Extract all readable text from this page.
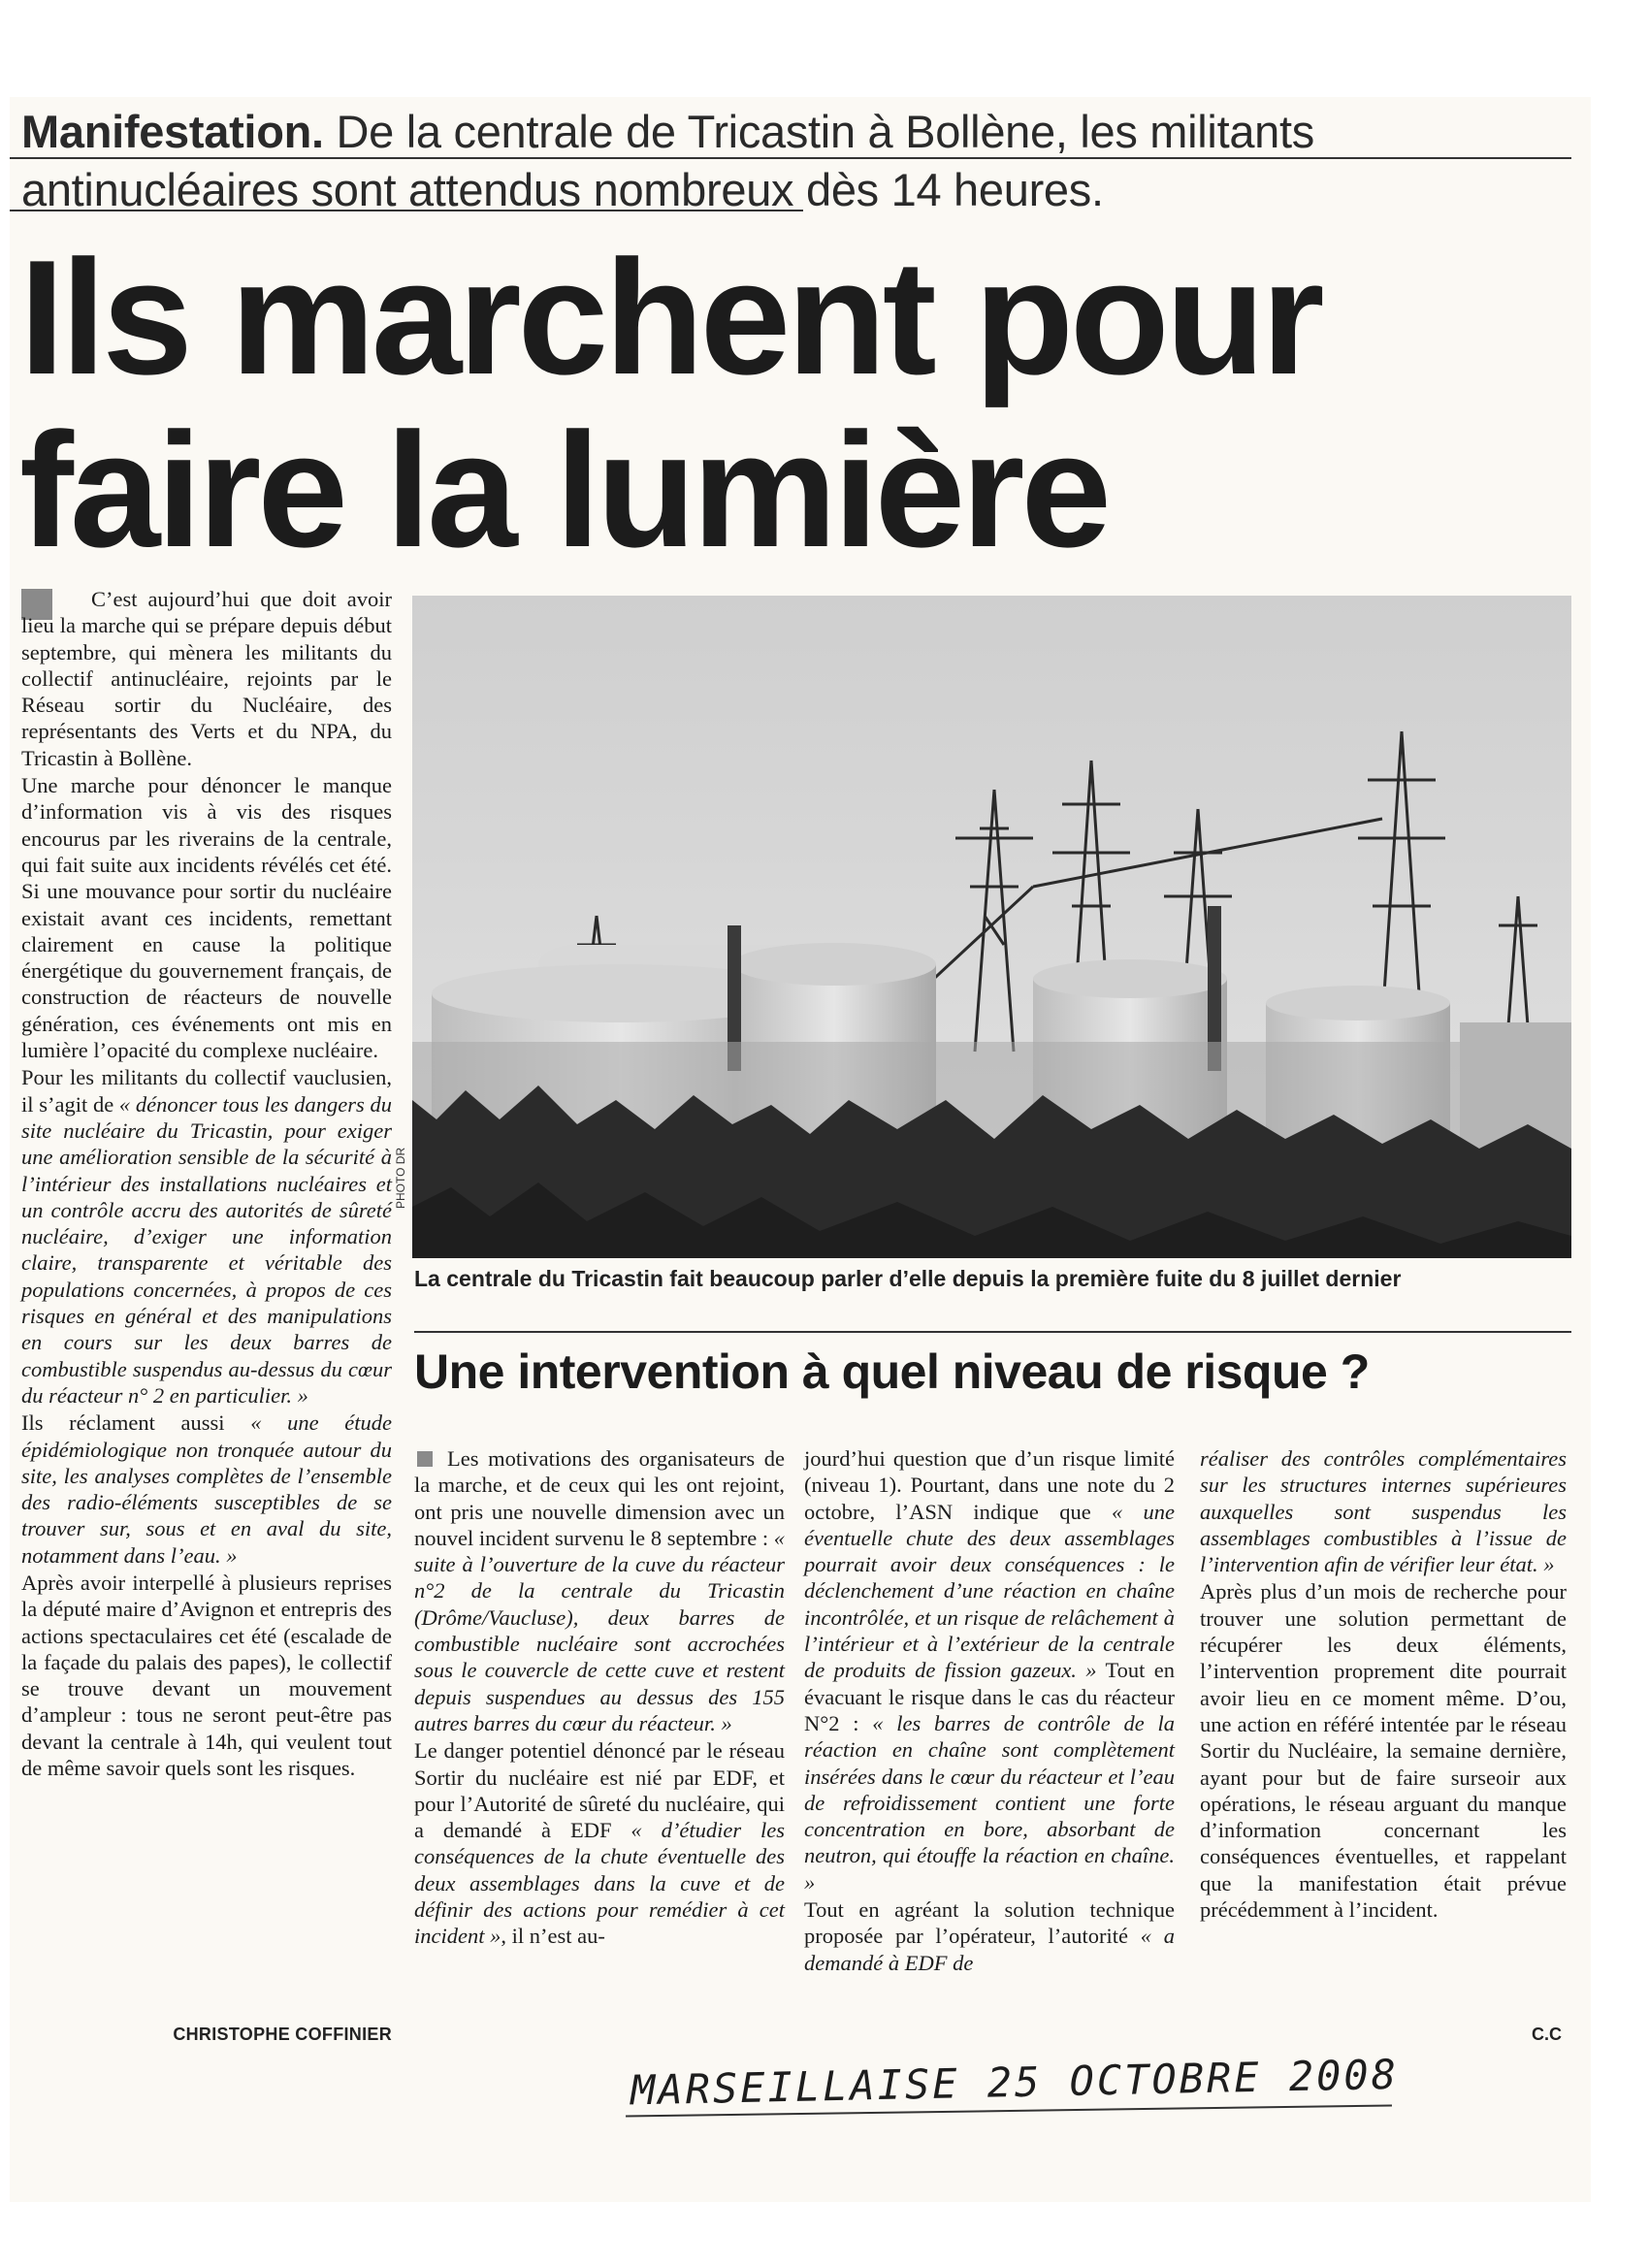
Manifestation. De la centrale de Tricastin à Bollène, les militants antinucléaires sont attendus nombreux dès 14 heures.
Ils marchent pour
faire la lumière

C’est aujourd’hui que doit avoir lieu la marche qui se prépare depuis début septembre, qui mènera les militants du collectif antinucléaire, rejoints par le Réseau sortir du Nucléaire, des représentants des Verts et du NPA, du Tricastin à Bollène.

Une marche pour dénoncer le manque d’information vis à vis des risques encourus par les riverains de la centrale, qui fait suite aux incidents révélés cet été. Si une mouvance pour sortir du nucléaire existait avant ces incidents, remettant clairement en cause la politique énergétique du gouvernement français, de construction de réacteurs de nouvelle génération, ces événements ont mis en lumière l’opacité du complexe nucléaire.

Pour les militants du collectif vauclusien, il s’agit de « dénoncer tous les dangers du site nucléaire du Tricastin, pour exiger une amélioration sensible de la sécurité à l’intérieur des installations nucléaires et un contrôle accru des autorités de sûreté nucléaire, d’exiger une information claire, transparente et véritable des populations concernées, à propos de ces risques en général et des manipulations en cours sur les deux barres de combustible suspendus au-dessus du cœur du réacteur n° 2 en particulier. »

Ils réclament aussi « une étude épidémiologique non tronquée autour du site, les analyses complètes de l’ensemble des radio-éléments susceptibles de se trouver sur, sous et en aval du site, notamment dans l’eau. »

Après avoir interpellé à plusieurs reprises la député maire d’Avignon et entrepris des actions spectaculaires cet été (escalade de la façade du palais des papes), le collectif se trouve devant un mouvement d’ampleur : tous ne seront peut-être pas devant la centrale à 14h, qui veulent tout de même savoir quels sont les risques.

CHRISTOPHE COFFINIER
PHOTO DR
La centrale du Tricastin fait beaucoup parler d’elle depuis la première fuite du 8 juillet dernier
Une intervention à quel niveau de risque ?

Les motivations des organisateurs de la marche, et de ceux qui les ont rejoint, ont pris une nouvelle dimension avec un nouvel incident survenu le 8 septembre : « suite à l’ouverture de la cuve du réacteur n°2 de la centrale du Tricastin (Drôme/Vaucluse), deux barres de combustible nucléaire sont accrochées sous le couvercle de cette cuve et restent depuis suspendues au dessus des 155 autres barres du cœur du réacteur. »

Le danger potentiel dénoncé par le réseau Sortir du nucléaire est nié par EDF, et pour l’Autorité de sûreté du nucléaire, qui a demandé à EDF « d’étudier les conséquences de la chute éventuelle des deux assemblages dans la cuve et de définir des actions pour remédier à cet incident », il n’est au-

jourd’hui question que d’un risque limité (niveau 1). Pourtant, dans une note du 2 octobre, l’ASN indique que « une éventuelle chute des deux assemblages pourrait avoir deux conséquences : le déclenchement d’une réaction en chaîne incontrôlée, et un risque de relâchement à l’intérieur et à l’extérieur de la centrale de produits de fission gazeux. » Tout en évacuant le risque dans le cas du réacteur N°2 : « les barres de contrôle de la réaction en chaîne sont complètement insérées dans le cœur du réacteur et l’eau de refroidissement contient une forte concentration en bore, absorbant de neutron, qui étouffe la réaction en chaîne. »

Tout en agréant la solution technique proposée par l’opérateur, l’autorité « a demandé à EDF de

réaliser des contrôles complémentaires sur les structures internes supérieures auxquelles sont suspendus les assemblages combustibles à l’issue de l’intervention afin de vérifier leur état. »

Après plus d’un mois de recherche pour trouver une solution permettant de récupérer les deux éléments, l’intervention proprement dite pourrait avoir lieu en ce moment même. D’ou, une action en référé intentée par le réseau Sortir du Nucléaire, la semaine dernière, ayant pour but de faire surseoir aux opérations, le réseau arguant du manque d’information concernant les conséquences éventuelles, et rappelant que la manifestation était prévue précédemment à l’incident.

C.C
MARSEILLAISE 25 OCTOBRE 2008
